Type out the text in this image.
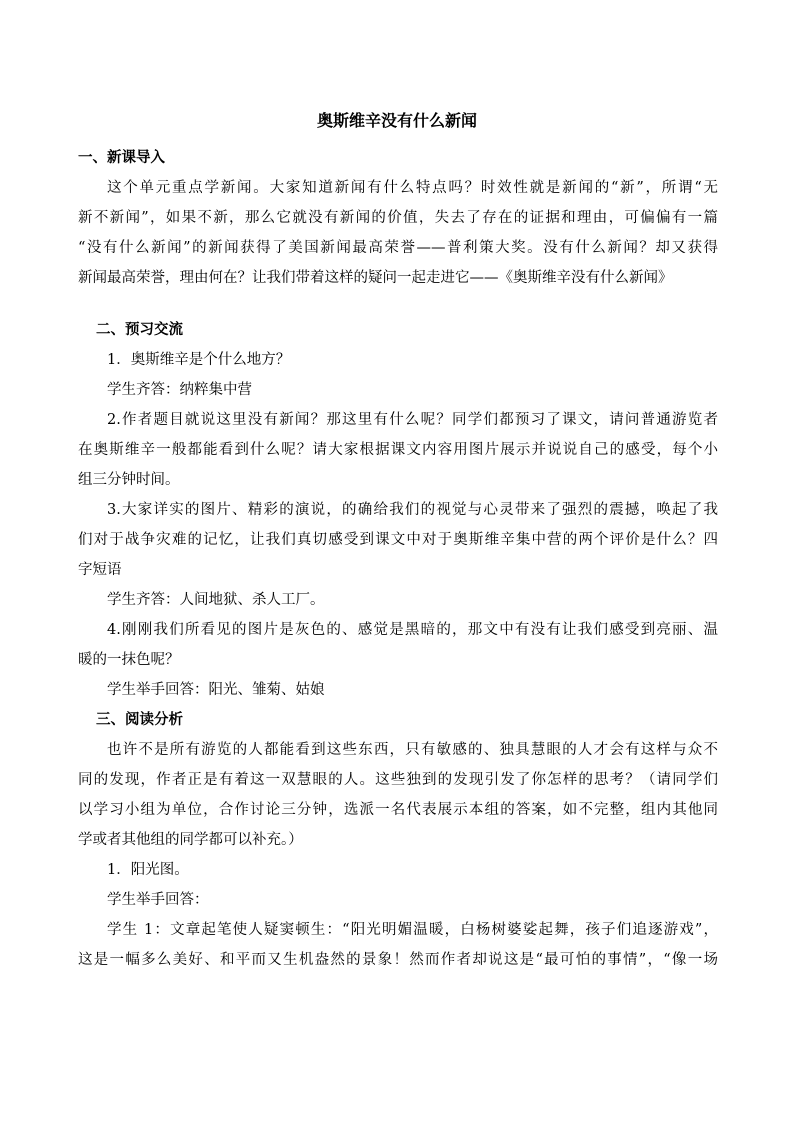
奥斯维辛没有什么新闻
一、新课导入
这个单元重点学新闻。大家知道新闻有什么特点吗？时效性就是新闻的“新”，所谓“无
新不新闻”，如果不新，那么它就没有新闻的价值，失去了存在的证据和理由，可偏偏有一篇
“没有什么新闻”的新闻获得了美国新闻最高荣誉——普利策大奖。没有什么新闻？却又获得
新闻最高荣誉，理由何在？让我们带着这样的疑问一起走进它——《奥斯维辛没有什么新闻》
二、预习交流
1．奥斯维辛是个什么地方？
学生齐答：纳粹集中营
2.作者题目就说这里没有新闻？那这里有什么呢？同学们都预习了课文，请问普通游览者
在奥斯维辛一般都能看到什么呢？请大家根据课文内容用图片展示并说说自己的感受，每个小
组三分钟时间。
3.大家详实的图片、精彩的演说，的确给我们的视觉与心灵带来了强烈的震撼，唤起了我
们对于战争灾难的记忆，让我们真切感受到课文中对于奥斯维辛集中营的两个评价是什么？四
字短语
学生齐答：人间地狱、杀人工厂。
4.刚刚我们所看见的图片是灰色的、感觉是黑暗的，那文中有没有让我们感受到亮丽、温
暖的一抹色呢？
学生举手回答：阳光、雏菊、姑娘
三、阅读分析
也许不是所有游览的人都能看到这些东西，只有敏感的、独具慧眼的人才会有这样与众不
同的发现，作者正是有着这一双慧眼的人。这些独到的发现引发了你怎样的思考？（请同学们
以学习小组为单位，合作讨论三分钟，选派一名代表展示本组的答案，如不完整，组内其他同
学或者其他组的同学都可以补充。）
1．阳光图。
学生举手回答：
学生 1：文章起笔使人疑窦顿生：“阳光明媚温暖，白杨树婆娑起舞，孩子们追逐游戏”，
这是一幅多么美好、和平而又生机盎然的景象！然而作者却说这是“最可怕的事情”，“像一场
